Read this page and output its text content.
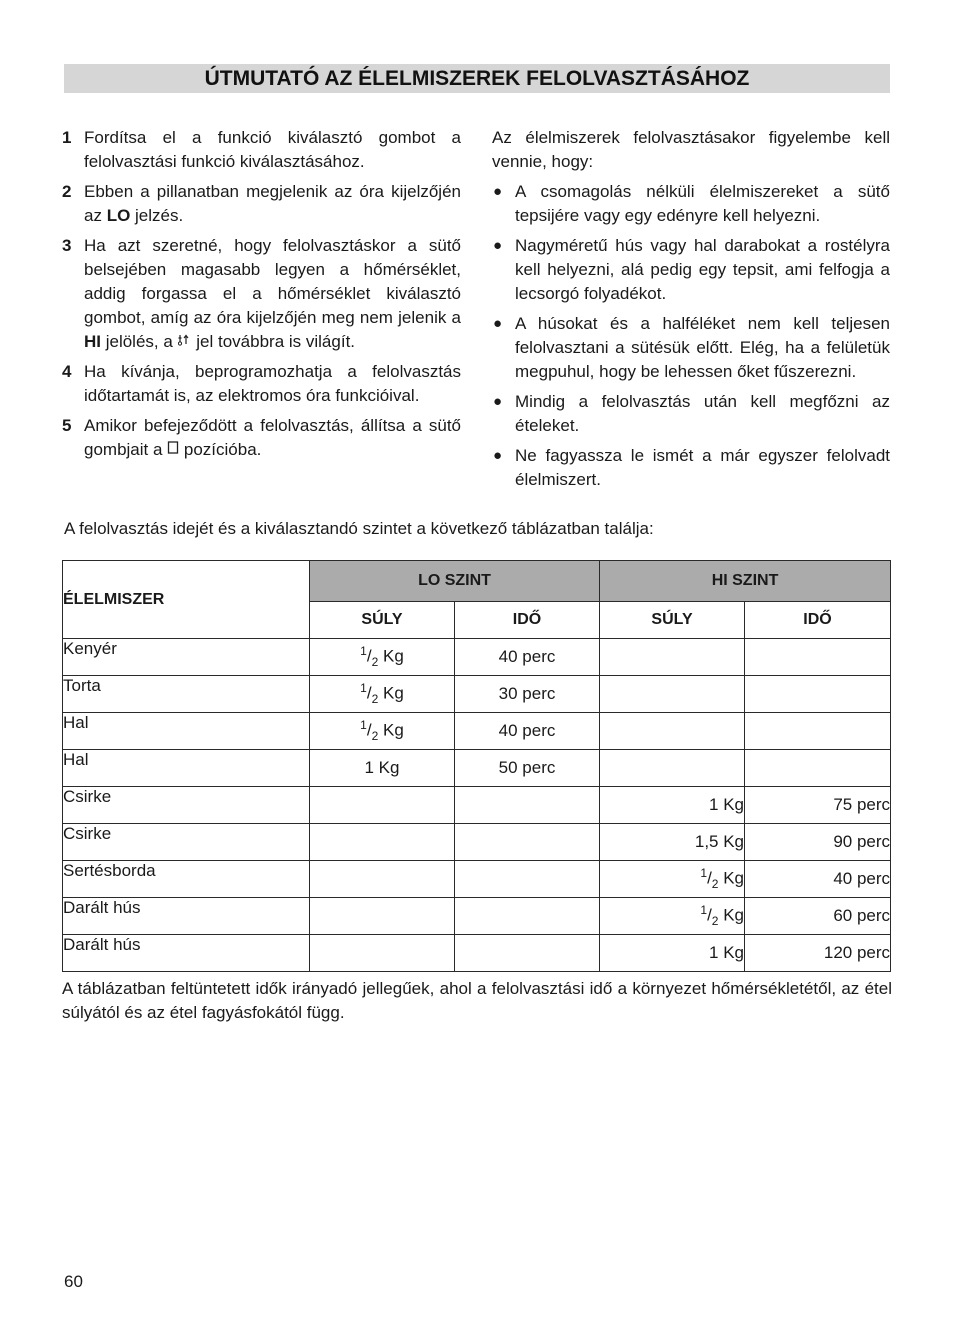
ÚTMUTATÓ AZ ÉLELMISZEREK FELOLVASZTÁSÁHOZ
1 Fordítsa el a funkció kiválasztó gombot a felolvasztási funkció kiválasztásához.
2 Ebben a pillanatban megjelenik az óra kijelzőjén az LO jelzés.
3 Ha azt szeretné, hogy felolvasztáskor a sütő belsejében magasabb legyen a hőmérséklet, addig forgassa el a hőmérséklet kiválasztó gombot, amíg az óra kijelzőjén meg nem jelenik a HI jelölés, a  jel továbbra is világít.
4 Ha kívánja, beprogramozhatja a felolvasztás időtartamát is, az elektromos óra funkcióival.
5 Amikor befejeződött a felolvasztás, állítsa a sütő gombjait a  pozícióba.
Az élelmiszerek felolvasztásakor figyelembe kell vennie, hogy:
● A csomagolás nélküli élelmiszereket a sütő tepsijére vagy egy edényre kell helyezni.
● Nagyméretű hús vagy hal darabokat a rostélyra kell helyezni, alá pedig egy tepsit, ami felfogja a lecsorgó folyadékot.
● A húsokat és a halféléket nem kell teljesen felolvasztani a sütésük előtt. Elég, ha a felületük megpuhul, hogy be lehessen őket fűszerezni.
● Mindig a felolvasztás után kell megfőzni az ételeket.
● Ne fagyassza le ismét a már egyszer felolvadt élelmiszert.
A felolvasztás idejét és a kiválasztandó szintet a következő táblázatban találja:
ÉLELMISZER	LO SZINT		HI SZINT	
	SÚLY	IDŐ	SÚLY	IDŐ
Kenyér	$^1/_2$ Kg	40 perc		
Torta	$^1/_2$ Kg	30 perc		
Hal	$^1/_2$ Kg	40 perc		
Hal	1 Kg	50 perc		
Csirke			1 Kg	75 perc
Csirke			1,5 Kg	90 perc
Sertésborda			$^1/_2$ Kg	40 perc
Darált hús			$^1/_2$ Kg	60 perc
Darált hús			1 Kg	120 perc
A táblázatban feltüntetett idők irányadó jellegűek, ahol a felolvasztási idő a környezet hőmérsékletétől, az étel súlyától és az étel fagyásfokától függ.
60
